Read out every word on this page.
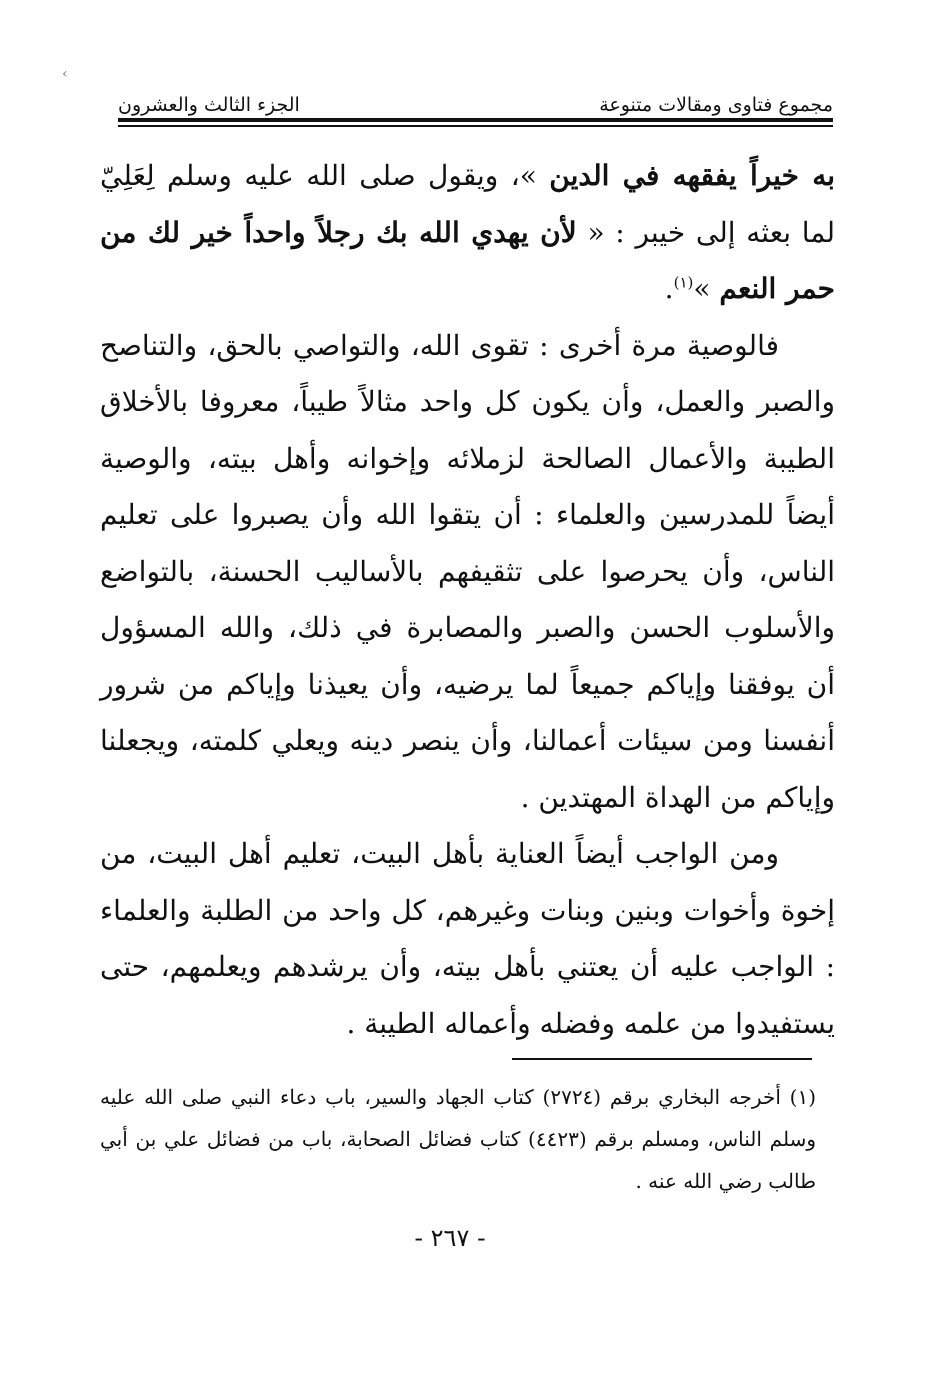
‹
مجموع فتاوى ومقالات متنوعة
الجزء الثالث والعشرون

به خيراً يفقهه في الدين »، ويقول صلى الله عليه وسلم لِعَلِيّ لما بعثه إلى خيبر : « لأن يهدي الله بك رجلاً واحداً خير لك من حمر النعم »$^{(١)}$.

فالوصية مرة أخرى : تقوى الله، والتواصي بالحق، والتناصح والصبر والعمل، وأن يكون كل واحد مثالاً طيباً، معروفا بالأخلاق الطيبة والأعمال الصالحة لزملائه وإخوانه وأهل بيته، والوصية أيضاً للمدرسين والعلماء : أن يتقوا الله وأن يصبروا على تعليم الناس، وأن يحرصوا على تثقيفهم بالأساليب الحسنة، بالتواضع والأسلوب الحسن والصبر والمصابرة في ذلك، والله المسؤول أن يوفقنا وإياكم جميعاً لما يرضيه، وأن يعيذنا وإياكم من شرور أنفسنا ومن سيئات أعمالنا، وأن ينصر دينه ويعلي كلمته، ويجعلنا وإياكم من الهداة المهتدين .

ومن الواجب أيضاً العناية بأهل البيت، تعليم أهل البيت، من إخوة وأخوات وبنين وبنات وغيرهم، كل واحد من الطلبة والعلماء : الواجب عليه أن يعتني بأهل بيته، وأن يرشدهم ويعلمهم، حتى يستفيدوا من علمه وفضله وأعماله الطيبة .

(١) أخرجه البخاري برقم (٢٧٢٤) كتاب الجهاد والسير، باب دعاء النبي صلى الله عليه وسلم الناس، ومسلم برقم (٤٤٢٣) كتاب فضائل الصحابة، باب من فضائل علي بن أبي طالب رضي الله عنه .

- ٢٦٧ -
